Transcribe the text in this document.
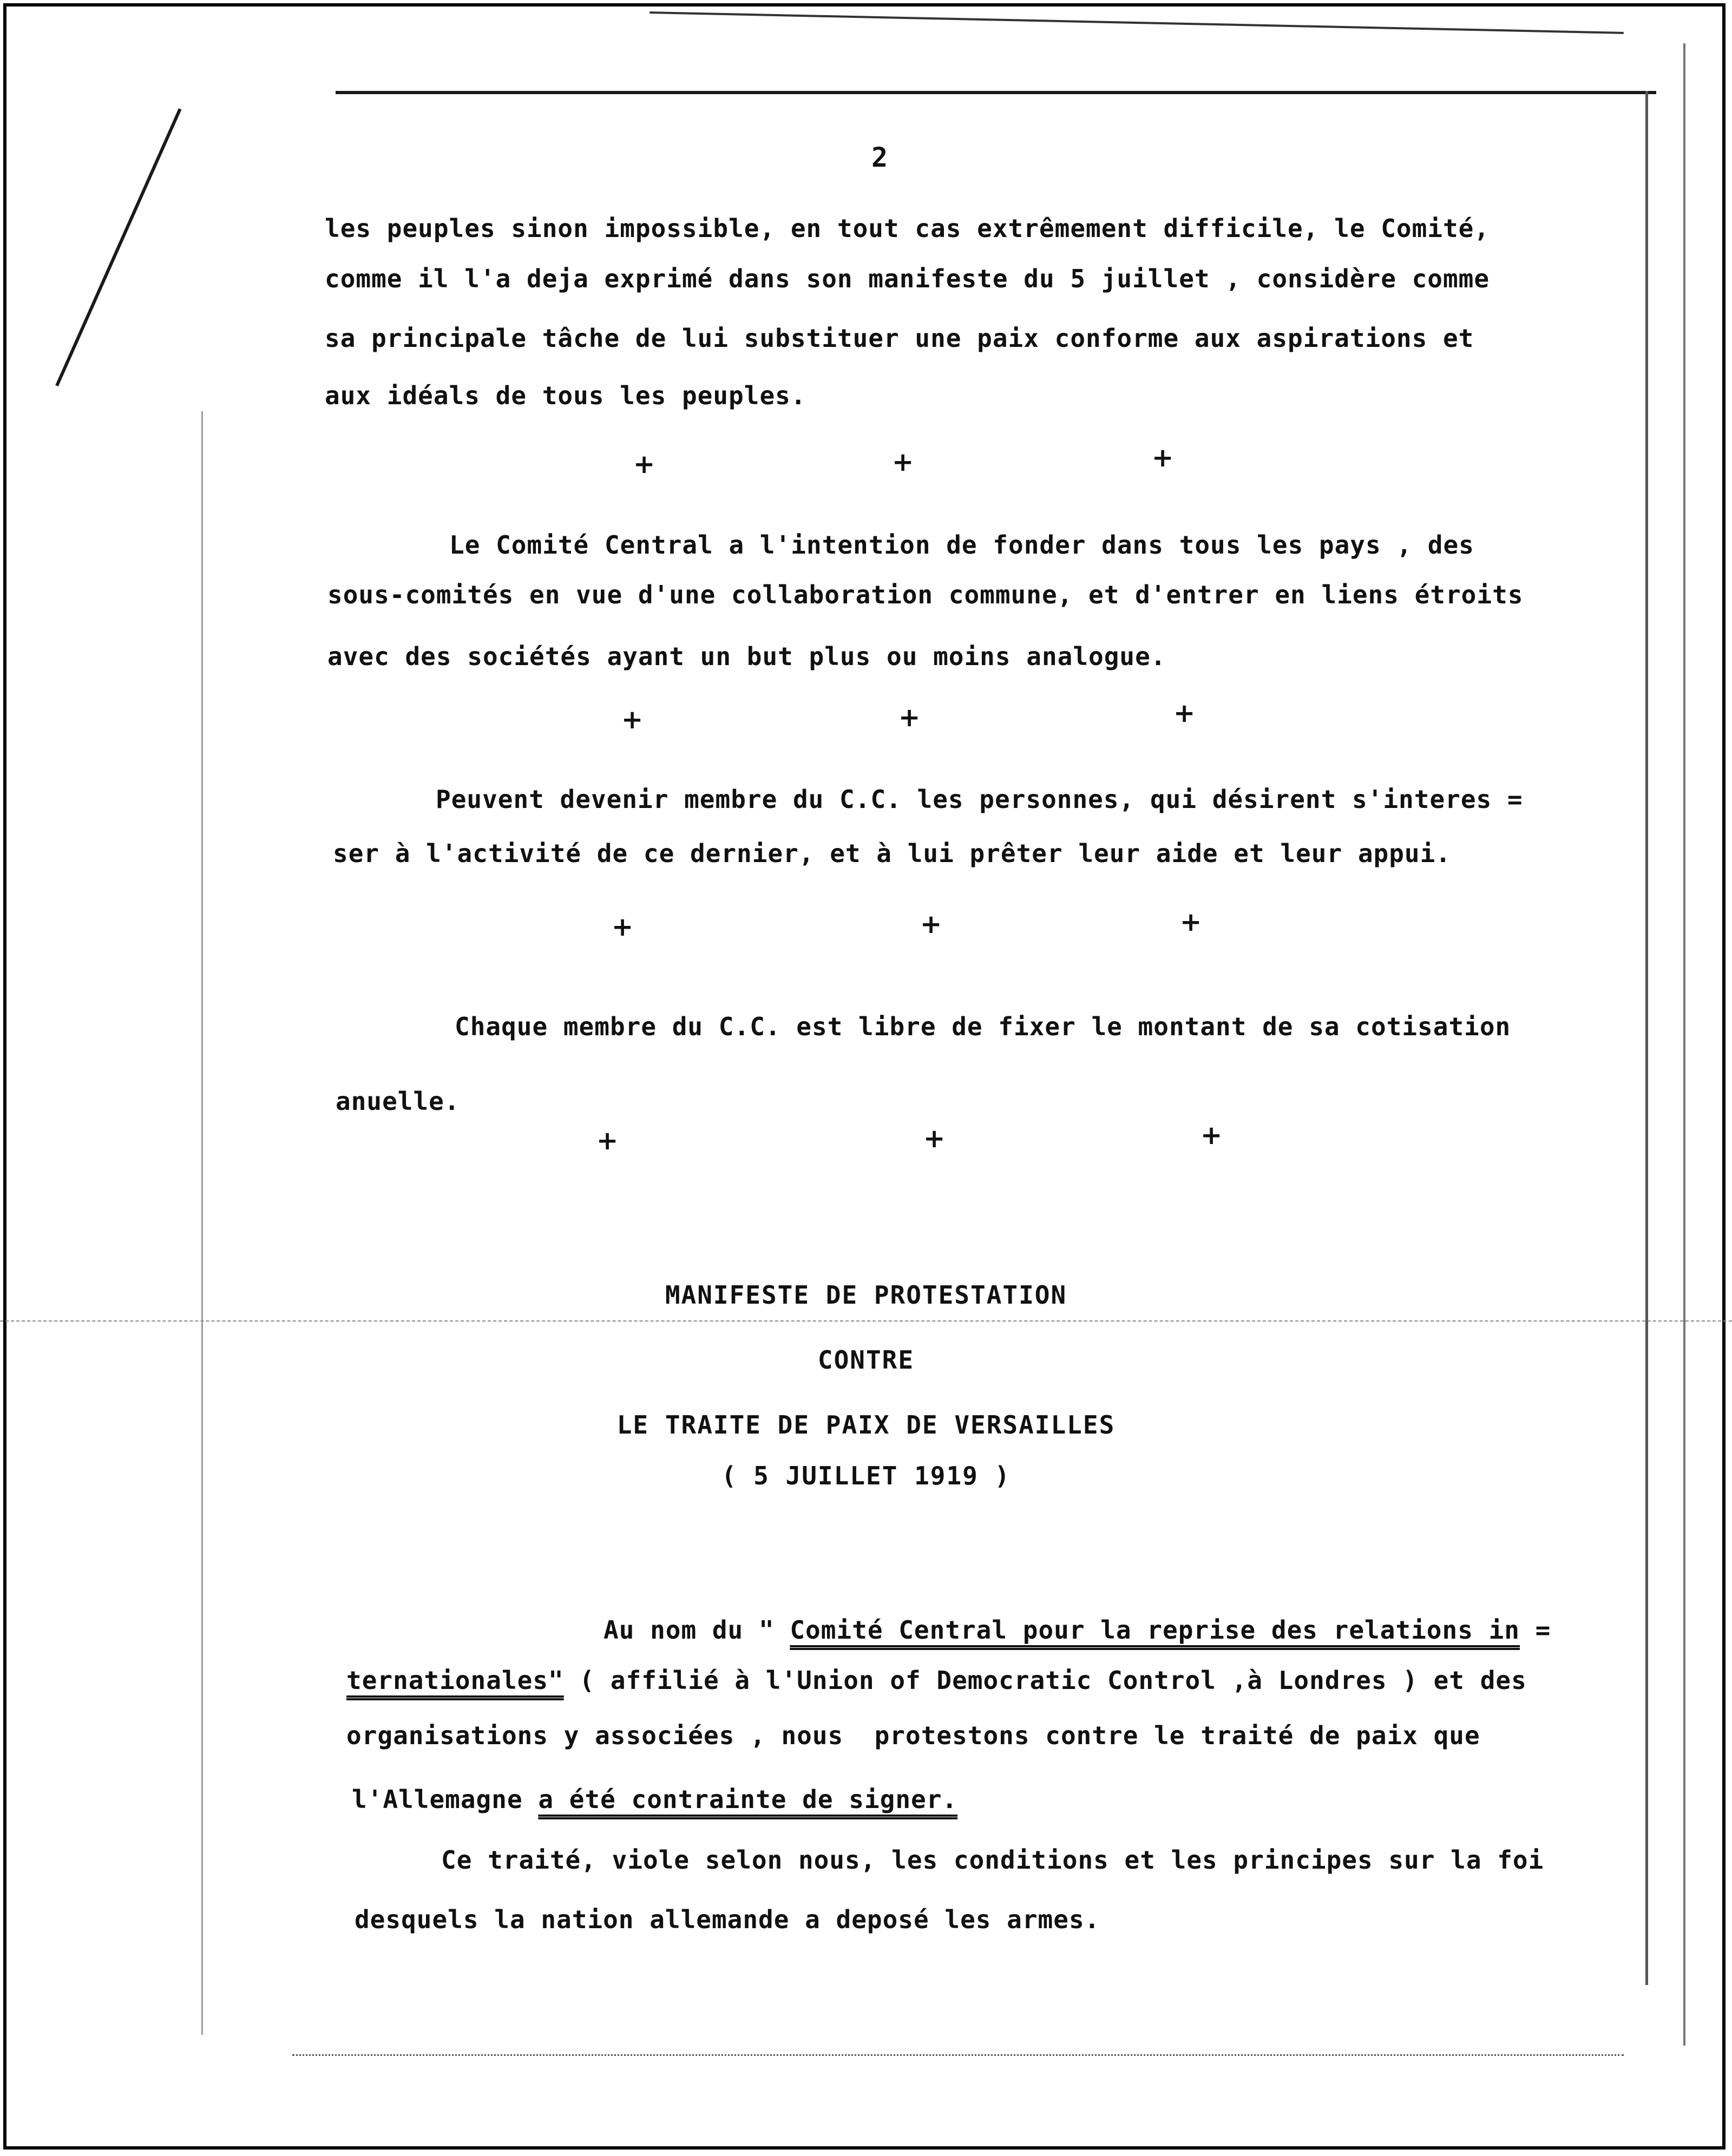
2
les peuples sinon impossible, en tout cas extrêmement difficile, le Comité,
comme il l'a deja exprimé dans son manifeste du 5 juillet , considère comme
sa principale tâche de lui substituer une paix conforme aux aspirations et
aux idéals de tous les peuples.
+	+	+
Le Comité Central a l'intention de fonder dans tous les pays , des
sous-comités en vue d'une collaboration commune, et d'entrer en liens étroits
avec des sociétés ayant un but plus ou moins analogue.
+	+	+
Peuvent devenir membre du C.C. les personnes, qui désirent s'interes =
ser à l'activité de ce dernier, et à lui prêter leur aide et leur appui.
+	+	+
Chaque membre du C.C. est libre de fixer le montant de sa cotisation
anuelle.
+	+	+
MANIFESTE DE PROTESTATION
CONTRE
LE TRAITE DE PAIX DE VERSAILLES
( 5 JUILLET 1919 )
Au nom du " Comité Central pour la reprise des relations in =
ternationales" ( affilié à l'Union of Democratic Control ,à Londres ) et des
organisations y associées , nous  protestons contre le traité de paix que
l'Allemagne a été contrainte de signer.
Ce traité, viole selon nous, les conditions et les principes sur la foi
desquels la nation allemande a deposé les armes.
